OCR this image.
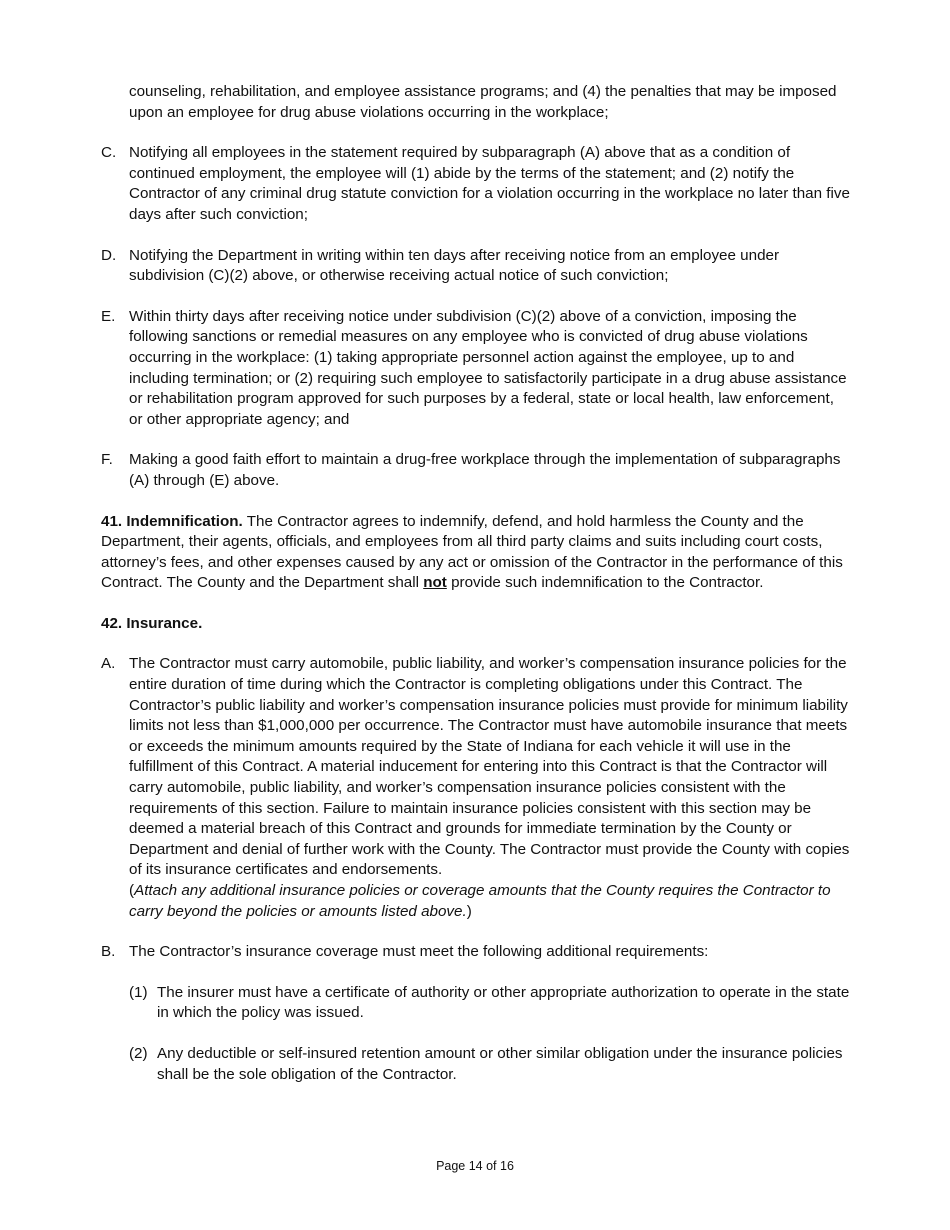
counseling, rehabilitation, and employee assistance programs; and (4) the penalties that may be imposed upon an employee for drug abuse violations occurring in the workplace;

C. Notifying all employees in the statement required by subparagraph (A) above that as a condition of continued employment, the employee will (1) abide by the terms of the statement; and (2) notify the Contractor of any criminal drug statute conviction for a violation occurring in the workplace no later than five days after such conviction;
D. Notifying the Department in writing within ten days after receiving notice from an employee under subdivision (C)(2) above, or otherwise receiving actual notice of such conviction;
E. Within thirty days after receiving notice under subdivision (C)(2) above of a conviction, imposing the following sanctions or remedial measures on any employee who is convicted of drug abuse violations occurring in the workplace: (1) taking appropriate personnel action against the employee, up to and including termination; or (2) requiring such employee to satisfactorily participate in a drug abuse assistance or rehabilitation program approved for such purposes by a federal, state or local health, law enforcement, or other appropriate agency; and
F. Making a good faith effort to maintain a drug-free workplace through the implementation of subparagraphs (A) through (E) above.

41. Indemnification. The Contractor agrees to indemnify, defend, and hold harmless the County and the Department, their agents, officials, and employees from all third party claims and suits including court costs, attorney’s fees, and other expenses caused by any act or omission of the Contractor in the performance of this Contract. The County and the Department shall not provide such indemnification to the Contractor.

42. Insurance.

A. The Contractor must carry automobile, public liability, and worker’s compensation insurance policies for the entire duration of time during which the Contractor is completing obligations under this Contract. The Contractor’s public liability and worker’s compensation insurance policies must provide for minimum liability limits not less than $1,000,000 per occurrence. The Contractor must have automobile insurance that meets or exceeds the minimum amounts required by the State of Indiana for each vehicle it will use in the fulfillment of this Contract. A material inducement for entering into this Contract is that the Contractor will carry automobile, public liability, and worker’s compensation insurance policies consistent with the requirements of this section. Failure to maintain insurance policies consistent with this section may be deemed a material breach of this Contract and grounds for immediate termination by the County or Department and denial of further work with the County. The Contractor must provide the County with copies of its insurance certificates and endorsements.
(Attach any additional insurance policies or coverage amounts that the County requires the Contractor to carry beyond the policies or amounts listed above.)
B. The Contractor’s insurance coverage must meet the following additional requirements:
(1) The insurer must have a certificate of authority or other appropriate authorization to operate in the state in which the policy was issued.
(2) Any deductible or self-insured retention amount or other similar obligation under the insurance policies shall be the sole obligation of the Contractor.
Page 14 of 16
